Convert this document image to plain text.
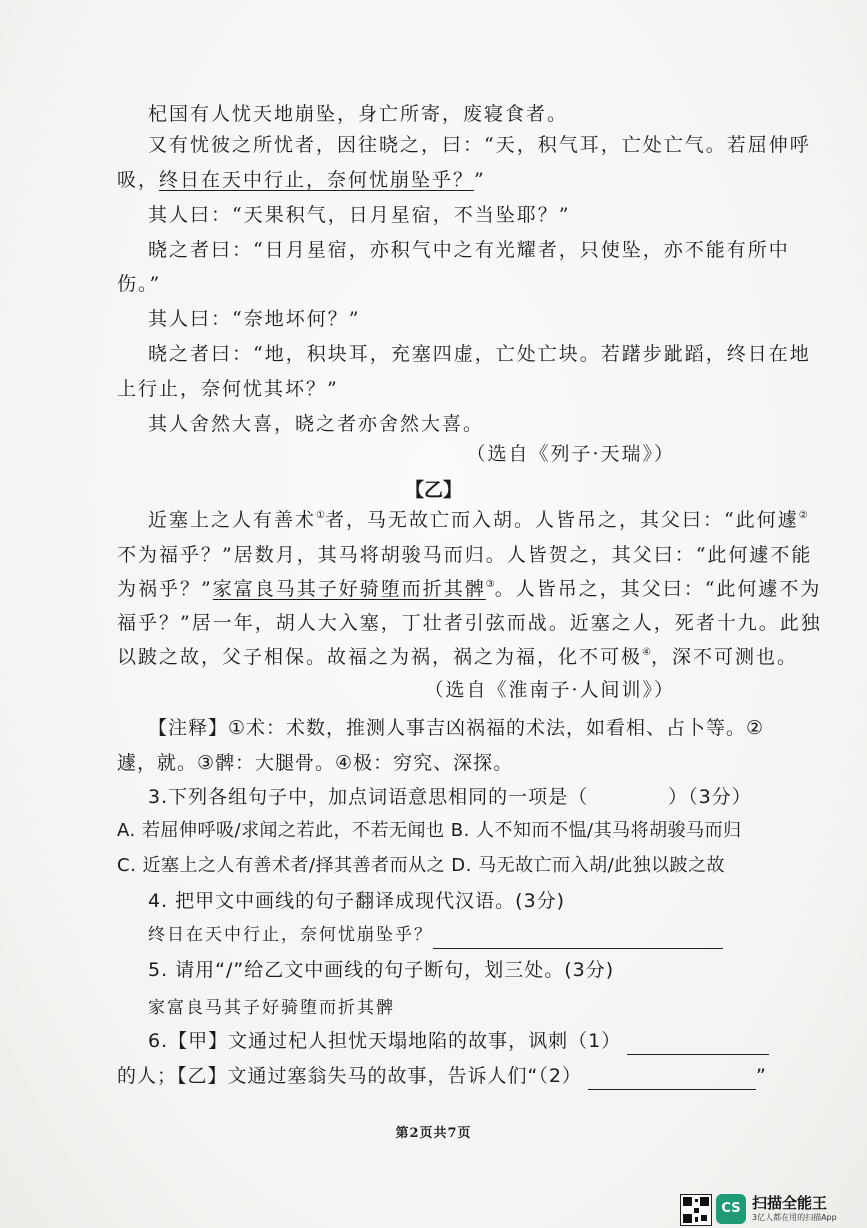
杞国有人忧天地崩坠，身亡所寄，废寝食者。
又有忧彼之所忧者，因往晓之，曰：“天，积气耳，亡处亡气。若屈伸呼
吸，终日在天中行止，奈何忧崩坠乎？”
其人曰：“天果积气，日月星宿，不当坠耶？”
晓之者曰：“日月星宿，亦积气中之有光耀者，只使坠，亦不能有所中
伤。”
其人曰：“奈地坏何？”
晓之者曰：“地，积块耳，充塞四虚，亡处亡块。若躇步跐蹈，终日在地
上行止，奈何忧其坏？”
其人舍然大喜，晓之者亦舍然大喜。
（选自《列子·天瑞》）
【乙】
近塞上之人有善术①者，马无故亡而入胡。人皆吊之，其父曰：“此何遽②
不为福乎？”居数月，其马将胡骏马而归。人皆贺之，其父曰：“此何遽不能
为祸乎？”家富良马其子好骑堕而折其髀③。人皆吊之，其父曰：“此何遽不为
福乎？”居一年，胡人大入塞，丁壮者引弦而战。近塞之人，死者十九。此独
以跛之故，父子相保。故福之为祸，祸之为福，化不可极④，深不可测也。
（选自《淮南子·人间训》）
【注释】①术：术数，推测人事吉凶祸福的术法，如看相、占卜等。②
遽，就。③髀：大腿骨。④极：穷究、深探。
3.下列各组句子中，加点词语意思相同的一项是（　　　　）（3分）
A. 若屈伸呼吸/求闻之若此，不若无闻也 B. 人不知而不愠/其马将胡骏马而归
C. 近塞上之人有善术者/择其善者而从之 D. 马无故亡而入胡/此独以跛之故
4. 把甲文中画线的句子翻译成现代汉语。(3分)
终日在天中行止，奈何忧崩坠乎？
5. 请用“/”给乙文中画线的句子断句，划三处。(3分)
家富良马其子好骑堕而折其髀
6.【甲】文通过杞人担忧天塌地陷的故事，讽刺（1）
的人；【乙】文通过塞翁失马的故事，告诉人们“（2）	”
第2页共7页
CS 扫描全能王
3亿人都在用的扫描App
